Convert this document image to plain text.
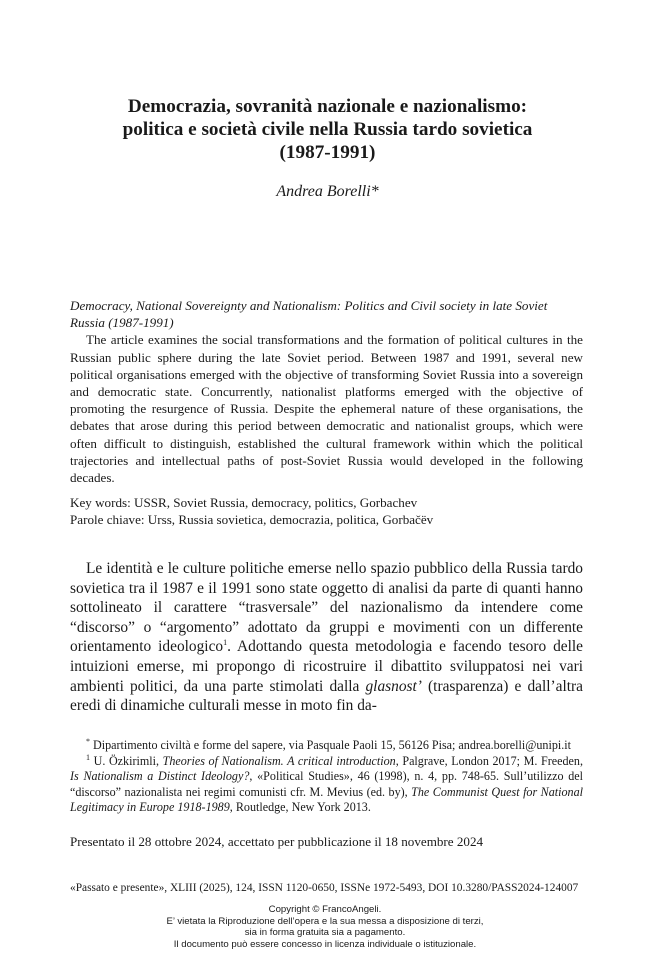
Democrazia, sovranità nazionale e nazionalismo:
politica e società civile nella Russia tardo sovietica
(1987-1991)
Andrea Borelli*
Democracy, National Sovereignty and Nationalism: Politics and Civil society in late Soviet Russia (1987-1991)

The article examines the social transformations and the formation of political cultures in the Russian public sphere during the late Soviet period. Between 1987 and 1991, several new political organisations emerged with the objective of transforming Soviet Russia into a sovereign and democratic state. Concurrently, nationalist platforms emerged with the objective of promoting the resurgence of Russia. Despite the ephemeral nature of these organisations, the debates that arose during this period between democratic and nationalist groups, which were often difficult to distinguish, established the cultural framework within which the political trajectories and intellectual paths of post-Soviet Russia would developed in the following decades.

Key words: USSR, Soviet Russia, democracy, politics, Gorbachev
Parole chiave: Urss, Russia sovietica, democrazia, politica, Gorbačëv

Le identità e le culture politiche emerse nello spazio pubblico della Russia tardo sovietica tra il 1987 e il 1991 sono state oggetto di analisi da parte di quanti hanno sottolineato il carattere “trasversale” del nazionalismo da intendere come “discorso” o “argomento” adottato da gruppi e movimenti con un differente orientamento ideologico$^1$. Adottando questa metodologia e facendo tesoro delle intuizioni emerse, mi propongo di ricostruire il dibattito sviluppatosi nei vari ambienti politici, da una parte stimolati dalla glasnost’ (trasparenza) e dall’altra eredi di dinamiche culturali messe in moto fin da-

* Dipartimento civiltà e forme del sapere, via Pasquale Paoli 15, 56126 Pisa; andrea.borelli@unipi.it

$^1$ U. Özkirimli, Theories of Nationalism. A critical introduction, Palgrave, London 2017; M. Freeden, Is Nationalism a Distinct Ideology?, «Political Studies», 46 (1998), n. 4, pp. 748-65. Sull’utilizzo del “discorso” nazionalista nei regimi comunisti cfr. M. Mevius (ed. by), The Communist Quest for National Legitimacy in Europe 1918-1989, Routledge, New York 2013.

Presentato il 28 ottobre 2024, accettato per pubblicazione il 18 novembre 2024
«Passato e presente», XLIII (2025), 124, ISSN 1120-0650, ISSNe 1972-5493, DOI 10.3280/PASS2024-124007
Copyright © FrancoAngeli.
E’ vietata la Riproduzione dell’opera e la sua messa a disposizione di terzi,
sia in forma gratuita sia a pagamento.
Il documento può essere concesso in licenza individuale o istituzionale.
